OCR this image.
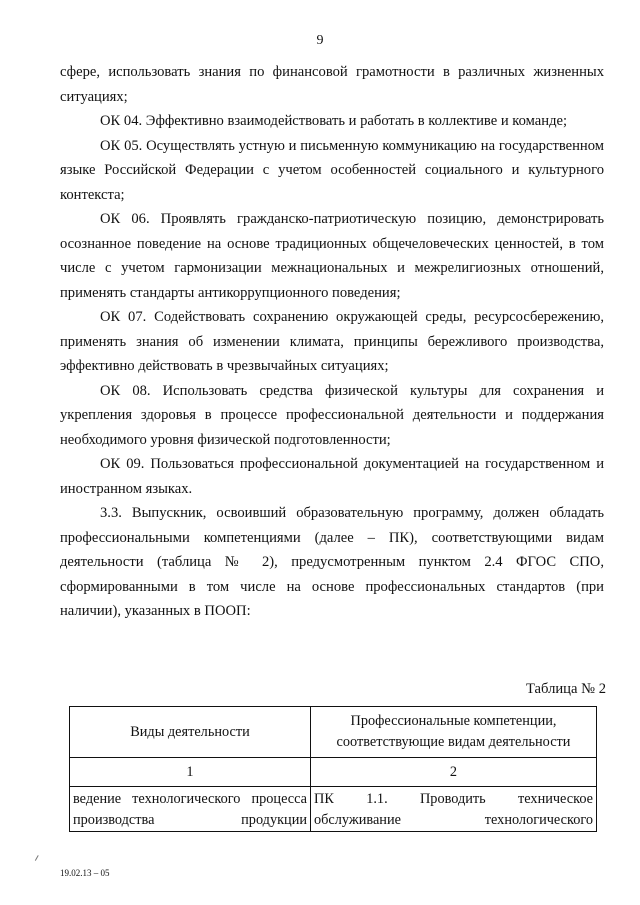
9

сфере, использовать знания по финансовой грамотности в различных жизненных ситуациях;

ОК 04. Эффективно взаимодействовать и работать в коллективе и команде;

ОК 05. Осуществлять устную и письменную коммуникацию на государственном языке Российской Федерации с учетом особенностей социального и культурного контекста;

ОК 06. Проявлять гражданско-патриотическую позицию, демонстрировать осознанное поведение на основе традиционных общечеловеческих ценностей, в том числе с учетом гармонизации межнациональных и межрелигиозных отношений, применять стандарты антикоррупционного поведения;

ОК 07. Содействовать сохранению окружающей среды, ресурсосбережению, применять знания об изменении климата, принципы бережливого производства, эффективно действовать в чрезвычайных ситуациях;

ОК 08. Использовать средства физической культуры для сохранения и укрепления здоровья в процессе профессиональной деятельности и поддержания необходимого уровня физической подготовленности;

ОК 09. Пользоваться профессиональной документацией на государственном и иностранном языках.

3.3. Выпускник, освоивший образовательную программу, должен обладать профессиональными компетенциями (далее – ПК), соответствующими видам деятельности (таблица № 2), предусмотренным пунктом 2.4 ФГОС СПО, сформированными в том числе на основе профессиональных стандартов (при наличии), указанных в ПООП:

Таблица № 2
Виды деятельности	Профессиональные компетенции,
соответствующие видам деятельности

1	2

ведение технологического процесса
производства продукции	ПК 1.1. Проводить техническое
обслуживание технологического
19.02.13 – 05
